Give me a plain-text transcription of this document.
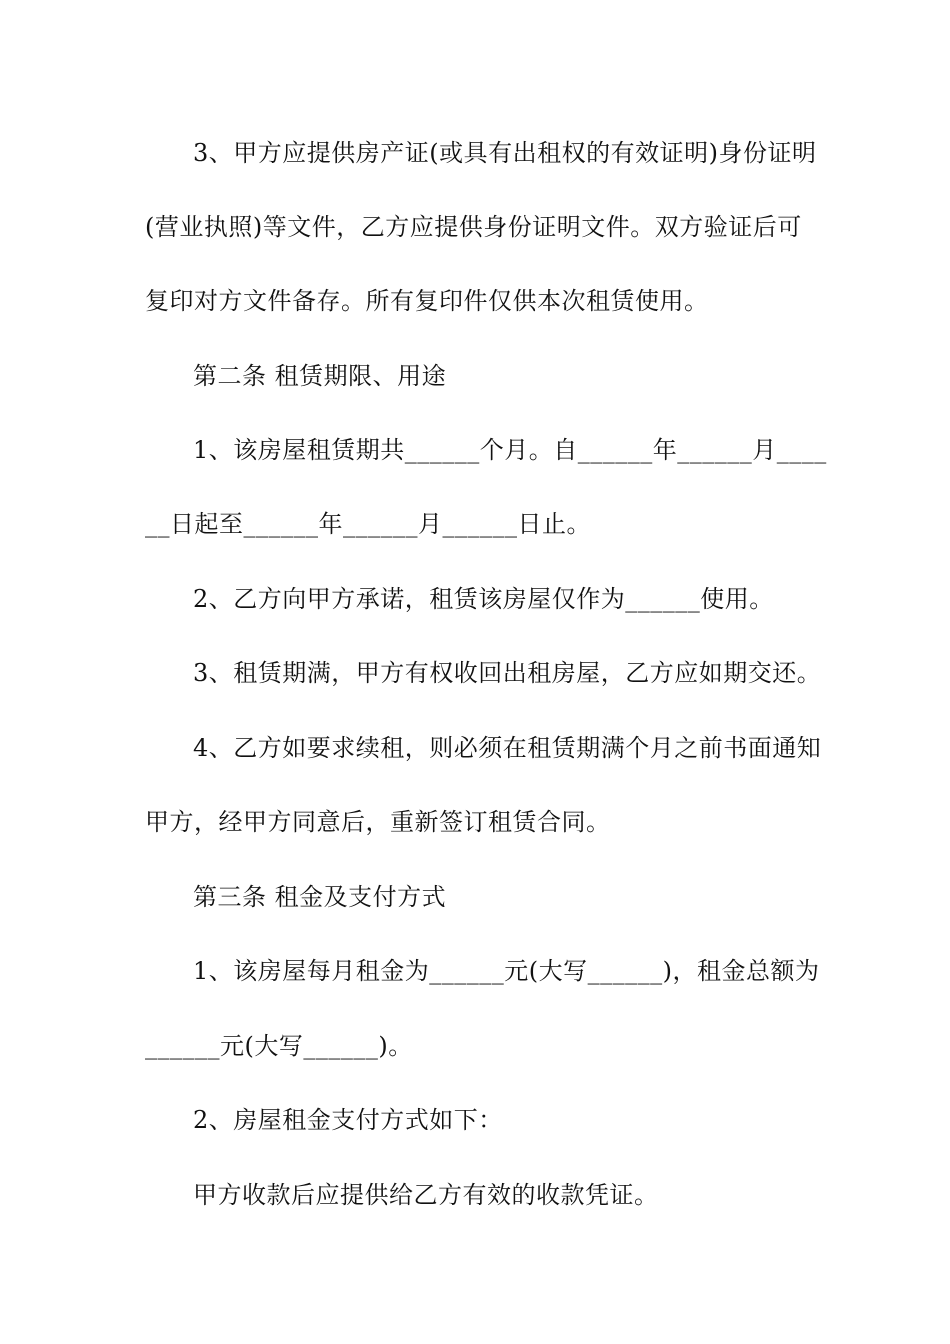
3、甲方应提供房产证(或具有出租权的有效证明)身份证明
(营业执照)等文件，乙方应提供身份证明文件。双方验证后可
复印对方文件备存。所有复印件仅供本次租赁使用。
第二条 租赁期限、用途
1、该房屋租赁期共______个月。自______年______月____
__日起至______年______月______日止。
2、乙方向甲方承诺，租赁该房屋仅作为______使用。
3、租赁期满，甲方有权收回出租房屋，乙方应如期交还。
4、乙方如要求续租，则必须在租赁期满个月之前书面通知
甲方，经甲方同意后，重新签订租赁合同。
第三条 租金及支付方式
1、该房屋每月租金为______元(大写______)，租金总额为
______元(大写______)。
2、房屋租金支付方式如下：
甲方收款后应提供给乙方有效的收款凭证。
